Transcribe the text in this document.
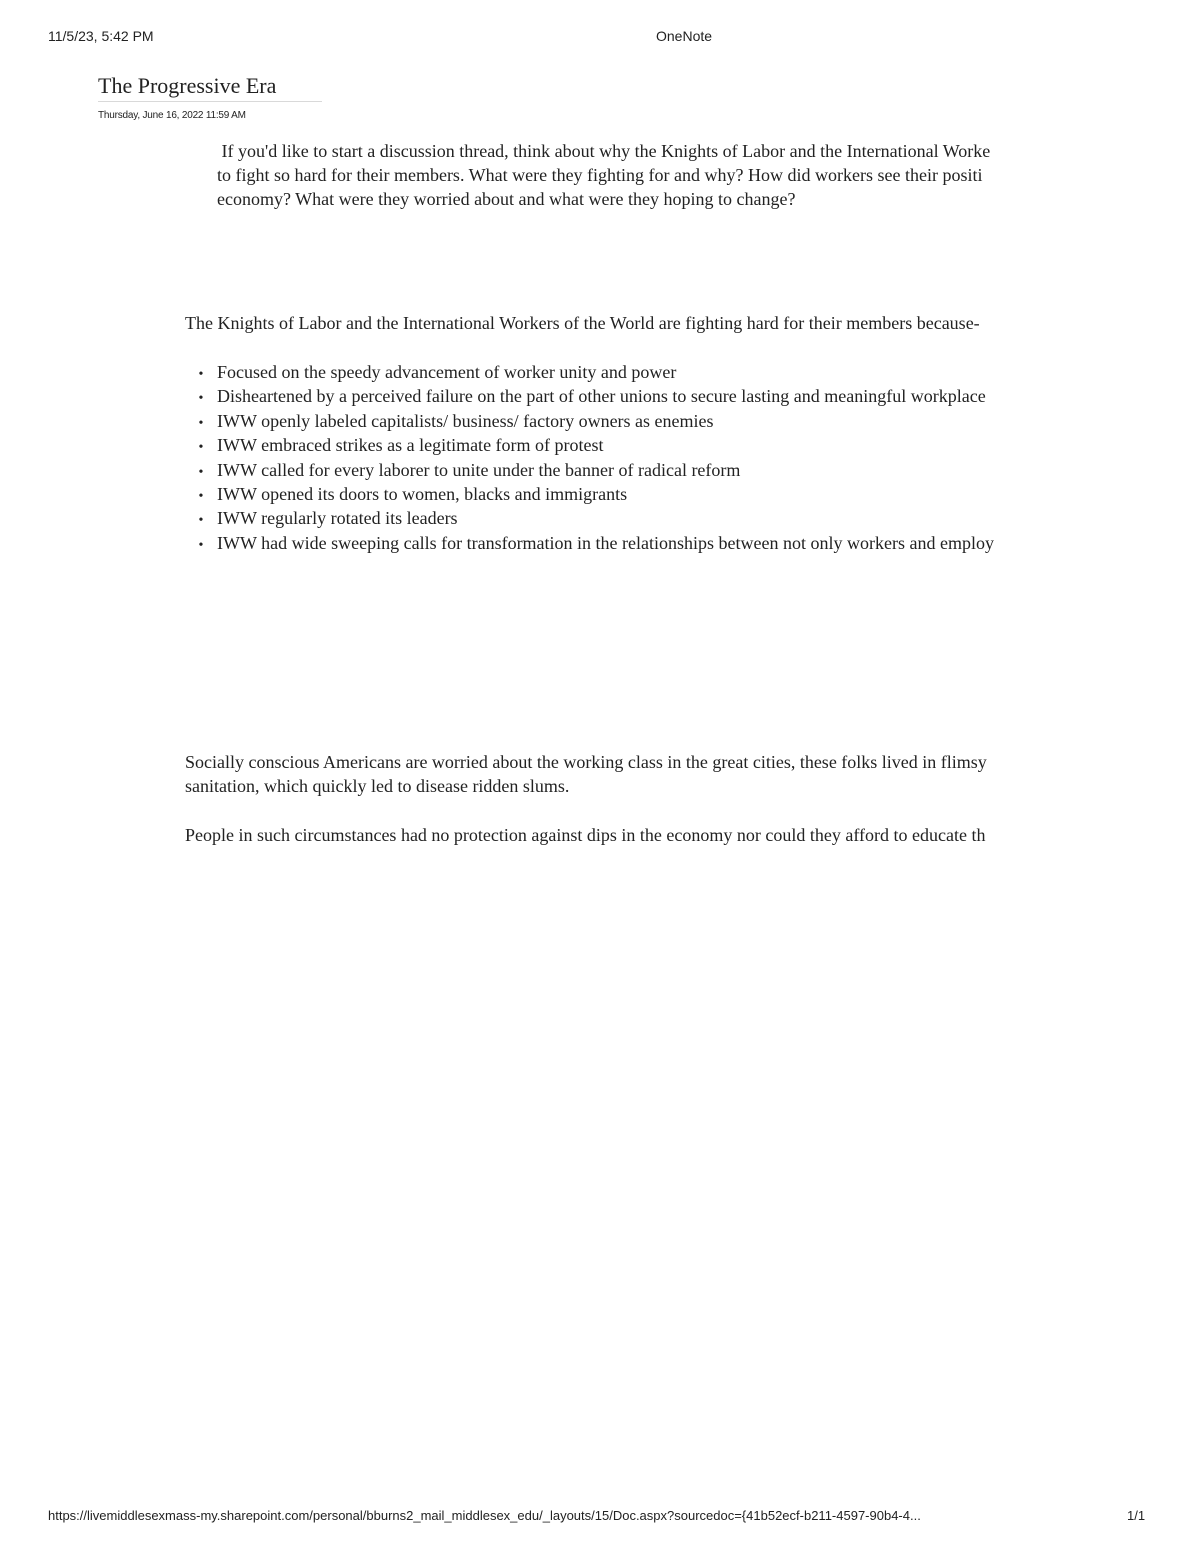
11/5/23, 5:42 PM	OneNote
The Progressive Era
Thursday, June 16, 2022 11:59 AM
If you'd like to start a discussion thread, think about why the Knights of Labor and the International Worke
to fight so hard for their members. What were they fighting for and why? How did workers see their positi
economy? What were they worried about and what were they hoping to change?
The Knights of Labor and the International Workers of the World are fighting hard for their members because-
• Focused on the speedy advancement of worker unity and power
• Disheartened by a perceived failure on the part of other unions to secure lasting and meaningful workplace
• IWW openly labeled capitalists/ business/ factory owners as enemies
• IWW embraced strikes as a legitimate form of protest
• IWW called for every laborer to unite under the banner of radical reform
• IWW opened its doors to women, blacks and immigrants
• IWW regularly rotated its leaders
• IWW had wide sweeping calls for transformation in the relationships between not only workers and employ
Socially conscious Americans are worried about the working class in the great cities, these folks lived in flimsy
sanitation, which quickly led to disease ridden slums.
People in such circumstances had no protection against dips in the economy nor could they afford to educate th
https://livemiddlesexmass-my.sharepoint.com/personal/bburns2_mail_middlesex_edu/_layouts/15/Doc.aspx?sourcedoc={41b52ecf-b211-4597-90b4-4...	1/1
